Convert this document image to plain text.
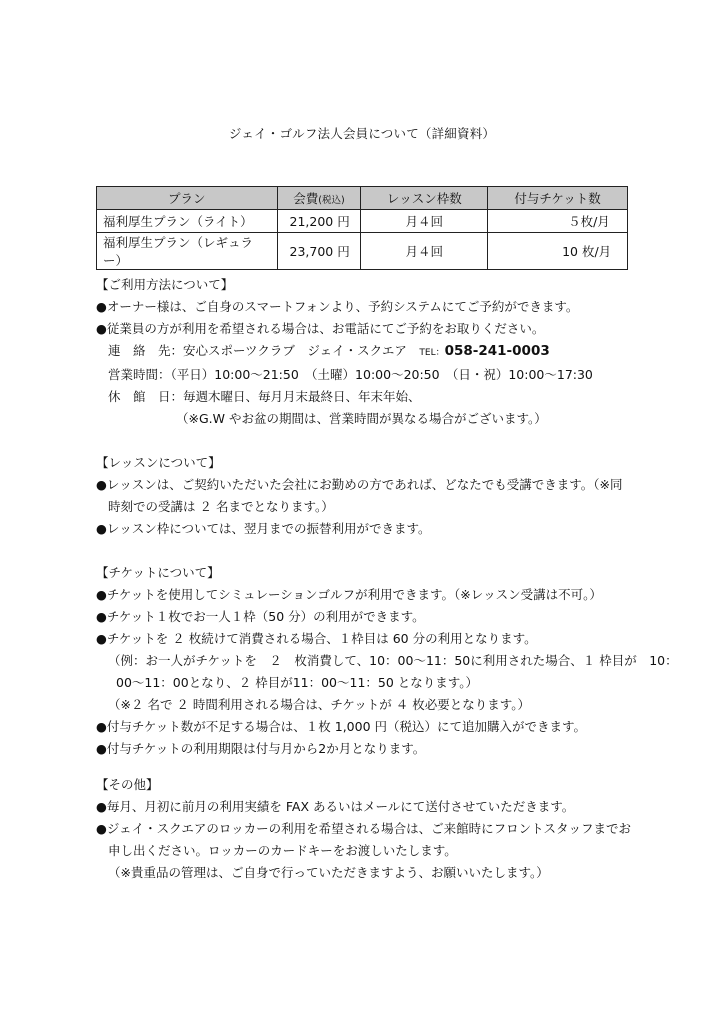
ジェイ・ゴルフ法人会員について（詳細資料）
プラン	会費(税込)	レッスン枠数	付与チケット数
福利厚生プラン（ライト）	21,200 円	月４回	５枚/月
福利厚生プラン（レギュラー）	23,700 円	月４回	10 枚/月

【ご利用方法について】

●オーナー様は、ご自身のスマートフォンより、予約システムにてご予約ができます。

●従業員の方が利用を希望される場合は、お電話にてご予約をお取りください。

連　絡　先：安心スポーツクラブ　ジェイ・スクエア　TEL：058-241-0003

営業時間：（平日）10:00～21:50　（土曜）10:00～20:50　（日・祝）10:00～17:30

休　館　日：毎週木曜日、毎月月末最終日、年末年始、

（※G.W やお盆の期間は、営業時間が異なる場合がございます。）

【レッスンについて】

●レッスンは、ご契約いただいた会社にお勤めの方であれば、どなたでも受講できます。（※同

時刻での受講は ２ 名までとなります。）

●レッスン枠については、翌月までの振替利用ができます。

【チケットについて】

●チケットを使用してシミュレーションゴルフが利用できます。（※レッスン受講は不可。）

●チケット１枚でお一人１枠（50 分）の利用ができます。

●チケットを ２ 枚続けて消費される場合、１枠目は 60 分の利用となります。

（例：お一人がチケットを　２　枚消費して、10：00～11：50に利用された場合、１ 枠目が　10：

00～11：00となり、２ 枠目が11：00～11：50 となります。）

（※２ 名で ２ 時間利用される場合は、チケットが ４ 枚必要となります。）

●付与チケット数が不足する場合は、１枚 1,000 円（税込）にて追加購入ができます。

●付与チケットの利用期限は付与月から2か月となります。

【その他】

●毎月、月初に前月の利用実績を FAX あるいはメールにて送付させていただきます。

●ジェイ・スクエアのロッカーの利用を希望される場合は、ご来館時にフロントスタッフまでお

申し出ください。ロッカーのカードキーをお渡しいたします。

（※貴重品の管理は、ご自身で行っていただきますよう、お願いいたします。）
